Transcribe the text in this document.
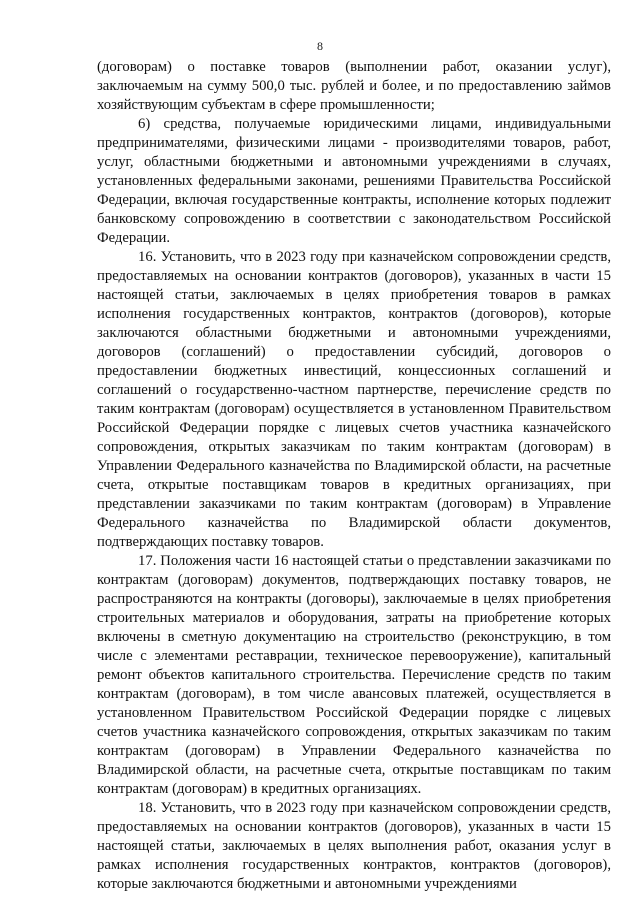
8

(договорам) о поставке товаров (выполнении работ, оказании услуг), заключаемым на сумму 500,0 тыс. рублей и более, и по предоставлению займов хозяйствующим субъектам в сфере промышленности;

6) средства, получаемые юридическими лицами, индивидуальными предпринимателями, физическими лицами - производителями товаров, работ, услуг, областными бюджетными и автономными учреждениями в случаях, установленных федеральными законами, решениями Правительства Российской Федерации, включая государственные контракты, исполнение которых подлежит банковскому сопровождению в соответствии с законодательством Российской Федерации.

16. Установить, что в 2023 году при казначейском сопровождении средств, предоставляемых на основании контрактов (договоров), указанных в части 15 настоящей статьи, заключаемых в целях приобретения товаров в рамках исполнения государственных контрактов, контрактов (договоров), которые заключаются областными бюджетными и автономными учреждениями, договоров (соглашений) о предоставлении субсидий, договоров о предоставлении бюджетных инвестиций, концессионных соглашений и соглашений о государственно-частном партнерстве, перечисление средств по таким контрактам (договорам) осуществляется в установленном Правительством Российской Федерации порядке с лицевых счетов участника казначейского сопровождения, открытых заказчикам по таким контрактам (договорам) в Управлении Федерального казначейства по Владимирской области, на расчетные счета, открытые поставщикам товаров в кредитных организациях, при представлении заказчиками по таким контрактам (договорам) в Управление Федерального казначейства по Владимирской области документов, подтверждающих поставку товаров.

17. Положения части 16 настоящей статьи о представлении заказчиками по контрактам (договорам) документов, подтверждающих поставку товаров, не распространяются на контракты (договоры), заключаемые в целях приобретения строительных материалов и оборудования, затраты на приобретение которых включены в сметную документацию на строительство (реконструкцию, в том числе с элементами реставрации, техническое перевооружение), капитальный ремонт объектов капитального строительства. Перечисление средств по таким контрактам (договорам), в том числе авансовых платежей, осуществляется в установленном Правительством Российской Федерации порядке с лицевых счетов участника казначейского сопровождения, открытых заказчикам по таким контрактам (договорам) в Управлении Федерального казначейства по Владимирской области, на расчетные счета, открытые поставщикам по таким контрактам (договорам) в кредитных организациях.

18. Установить, что в 2023 году при казначейском сопровождении средств, предоставляемых на основании контрактов (договоров), указанных в части 15 настоящей статьи, заключаемых в целях выполнения работ, оказания услуг в рамках исполнения государственных контрактов, контрактов (договоров), которые заключаются бюджетными и автономными учреждениями
